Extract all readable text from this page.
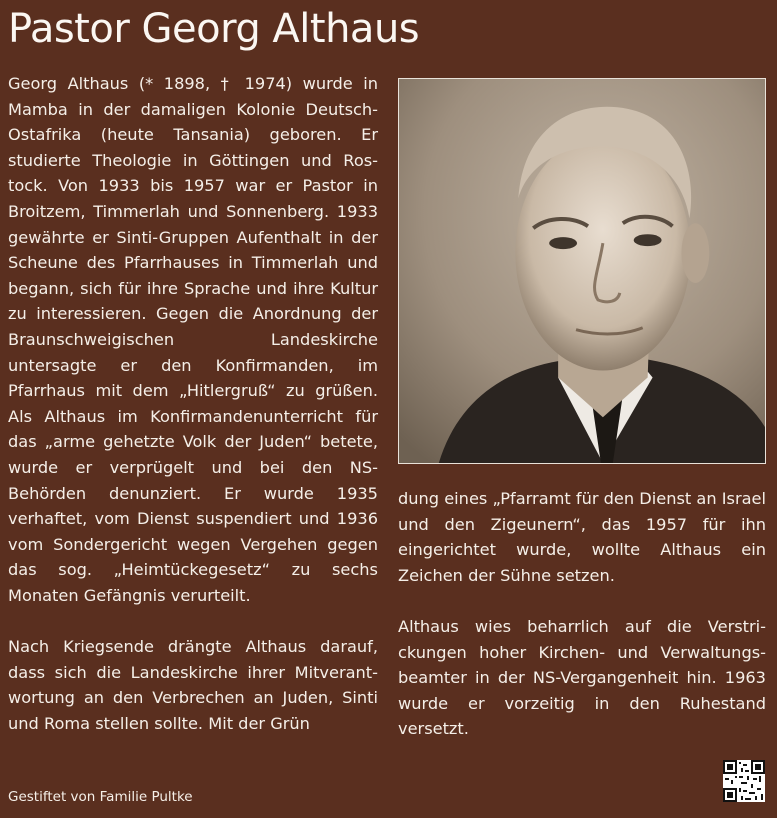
Pastor Georg Althaus

Georg Althaus (* 1898, † 1974) wurde in Mamba in der damaligen Kolonie Deutsch-Ostafrika (heute Tansania) geboren. Er studierte Theologie in Göttingen und Rostock. Von 1933 bis 1957 war er Pastor in Broitzem, Timmerlah und Sonnenberg. 1933 gewährte er Sinti-Gruppen Aufenthalt in der Scheune des Pfarrhauses in Timmerlah und begann, sich für ihre Sprache und ihre Kultur zu interessieren. Gegen die Anordnung der Braunschweigischen Landeskirche untersagte er den Konfirmanden, im Pfarrhaus mit dem „Hitlergruß“ zu grüßen. Als Althaus im Konfirmandenunterricht für das „arme gehetzte Volk der Juden“ betete, wurde er verprügelt und bei den NS-Behörden denunziert. Er wurde 1935 verhaftet, vom Dienst suspendiert und 1936 vom Sondergericht wegen Vergehen gegen das sog. „Heimtückegesetz“ zu sechs Monaten Gefängnis verurteilt.

Nach Kriegsende drängte Althaus darauf, dass sich die Landeskirche ihrer Mitverantwortung an den Verbrechen an Juden, Sinti und Roma stellen sollte. Mit der Grün

dung eines „Pfarramt für den Dienst an Israel und den Zigeunern“, das 1957 für ihn eingerichtet wurde, wollte Althaus ein Zeichen der Sühne setzen.

Althaus wies beharrlich auf die Verstrickungen hoher Kirchen- und Verwaltungsbeamter in der NS-Vergangenheit hin. 1963 wurde er vorzeitig in den Ruhestand versetzt.

Gestiftet von Familie Pultke
